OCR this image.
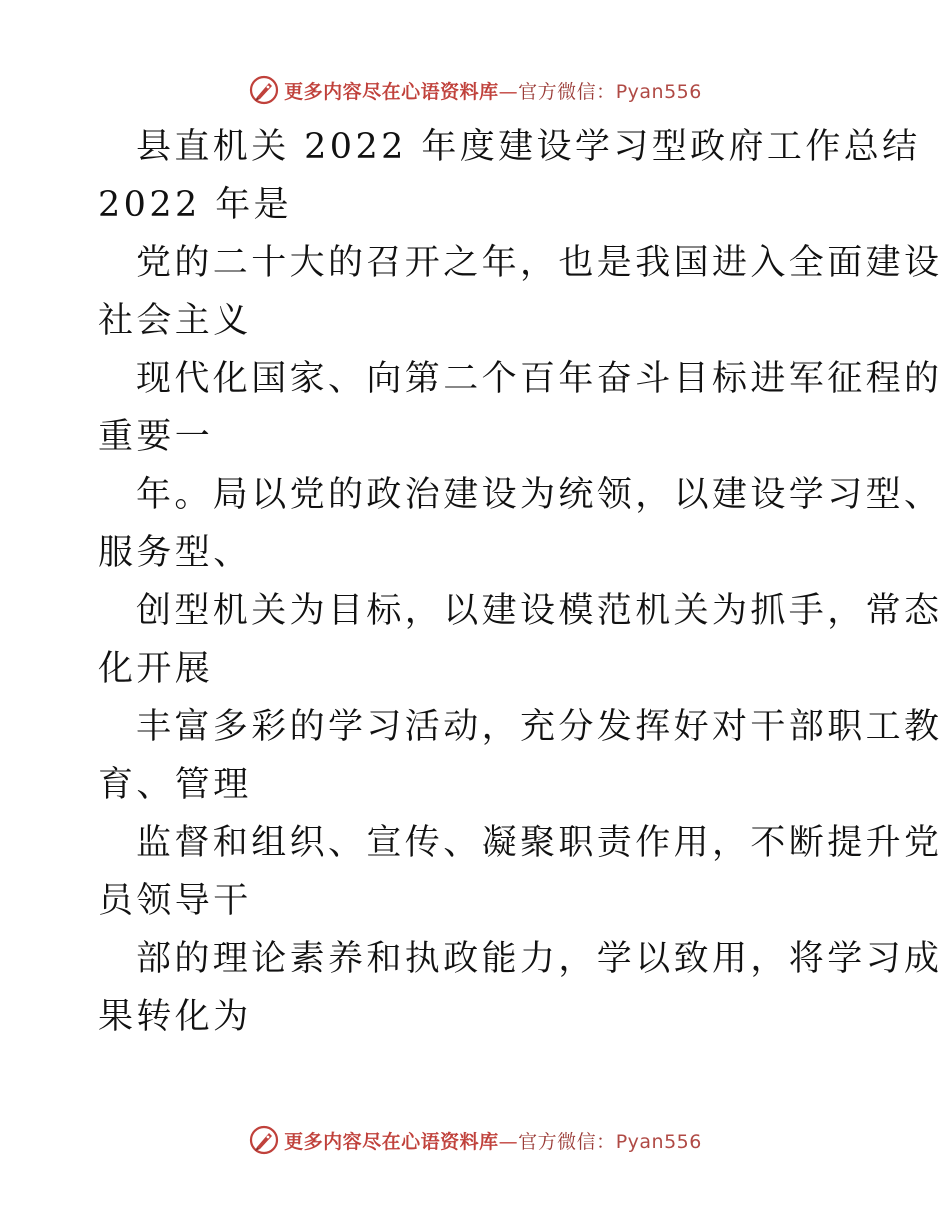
更多内容尽在心语资料库—官方微信：Pyan556
县直机关 2022 年度建设学习型政府工作总结
2022 年是
党的二十大的召开之年，也是我国进入全面建设
社会主义
现代化国家、向第二个百年奋斗目标进军征程的
重要一
年。局以党的政治建设为统领，以建设学习型、
服务型、
创型机关为目标，以建设模范机关为抓手，常态
化开展
丰富多彩的学习活动，充分发挥好对干部职工教
育、管理
监督和组织、宣传、凝聚职责作用，不断提升党
员领导干
部的理论素养和执政能力，学以致用，将学习成
果转化为
更多内容尽在心语资料库—官方微信：Pyan556
